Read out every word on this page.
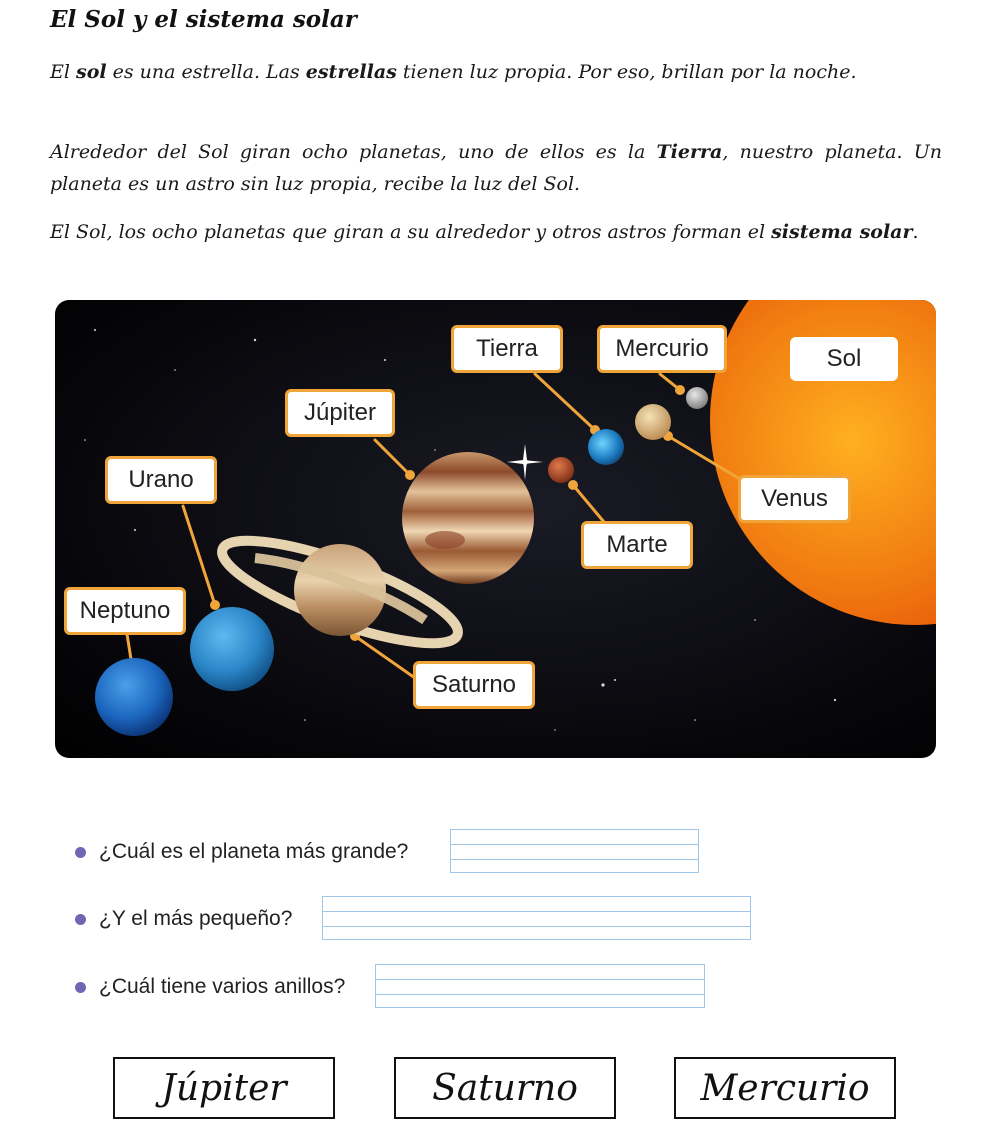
El Sol y el sistema solar
El sol es una estrella. Las estrellas tienen luz propia. Por eso, brillan por la noche.
Alrededor del Sol giran ocho planetas, uno de ellos es la Tierra, nuestro planeta. Un planeta es un astro sin luz propia, recibe la luz del Sol.
El Sol, los ocho planetas que giran a su alrededor y otros astros forman el sistema solar.
Tierra	Mercurio	Sol
Júpiter
Urano
Venus
Marte
Neptuno
Saturno
¿Cuál es el planeta más grande?
¿Y el más pequeño?
¿Cuál tiene varios anillos?
Júpiter	Saturno	Mercurio
